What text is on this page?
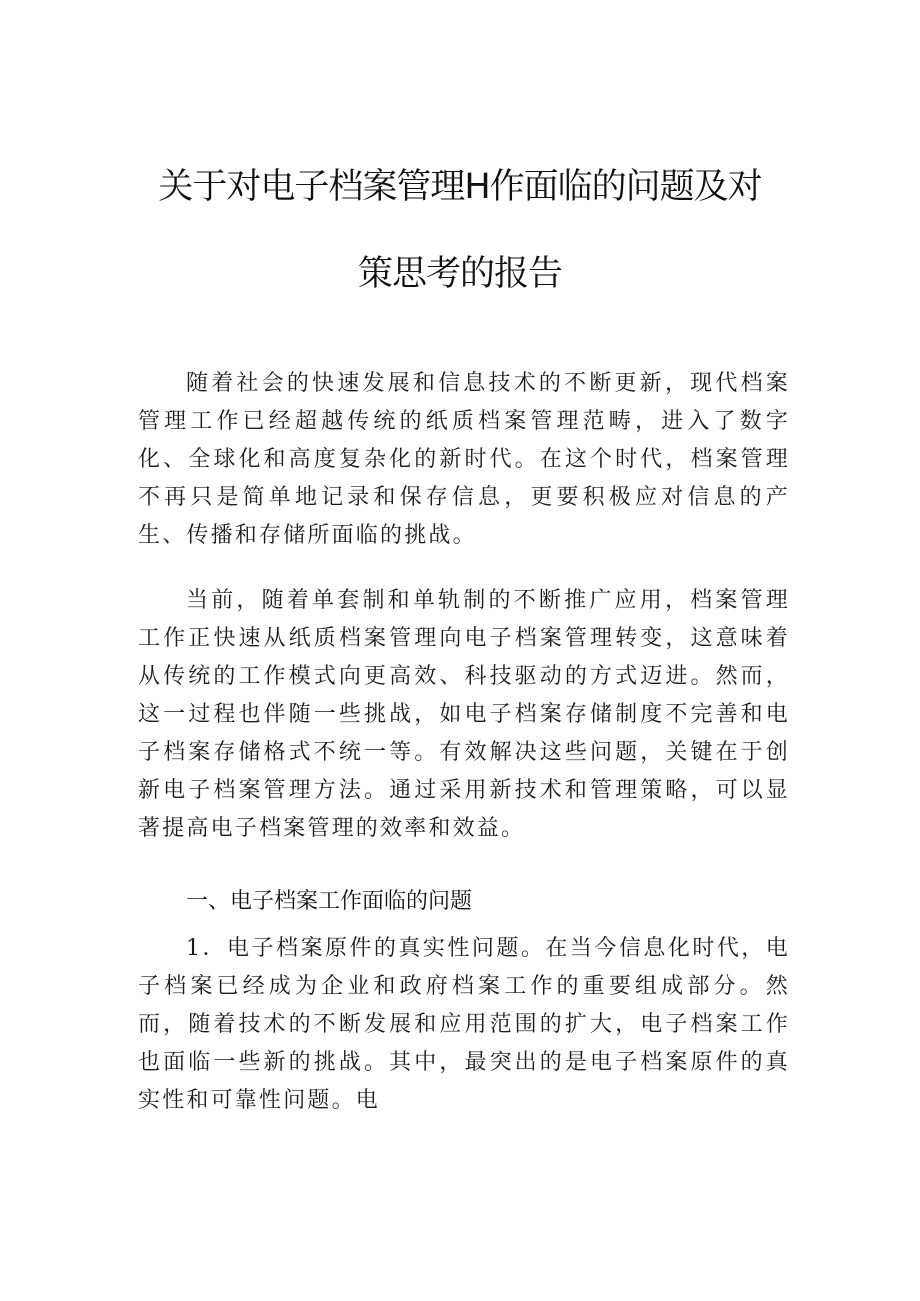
关于对电子档案管理H作面临的问题及对
策思考的报告

随着社会的快速发展和信息技术的不断更新，现代档案管理工作已经超越传统的纸质档案管理范畴，进入了数字化、全球化和高度复杂化的新时代。在这个时代，档案管理不再只是简单地记录和保存信息，更要积极应对信息的产生、传播和存储所面临的挑战。

当前，随着单套制和单轨制的不断推广应用，档案管理工作正快速从纸质档案管理向电子档案管理转变，这意味着从传统的工作模式向更高效、科技驱动的方式迈进。然而，这一过程也伴随一些挑战，如电子档案存储制度不完善和电子档案存储格式不统一等。有效解决这些问题，关键在于创新电子档案管理方法。通过采用新技术和管理策略，可以显著提高电子档案管理的效率和效益。

一、电子档案工作面临的问题

1．电子档案原件的真实性问题。在当今信息化时代，电子档案已经成为企业和政府档案工作的重要组成部分。然而，随着技术的不断发展和应用范围的扩大，电子档案工作也面临一些新的挑战。其中，最突出的是电子档案原件的真实性和可靠性问题。电
